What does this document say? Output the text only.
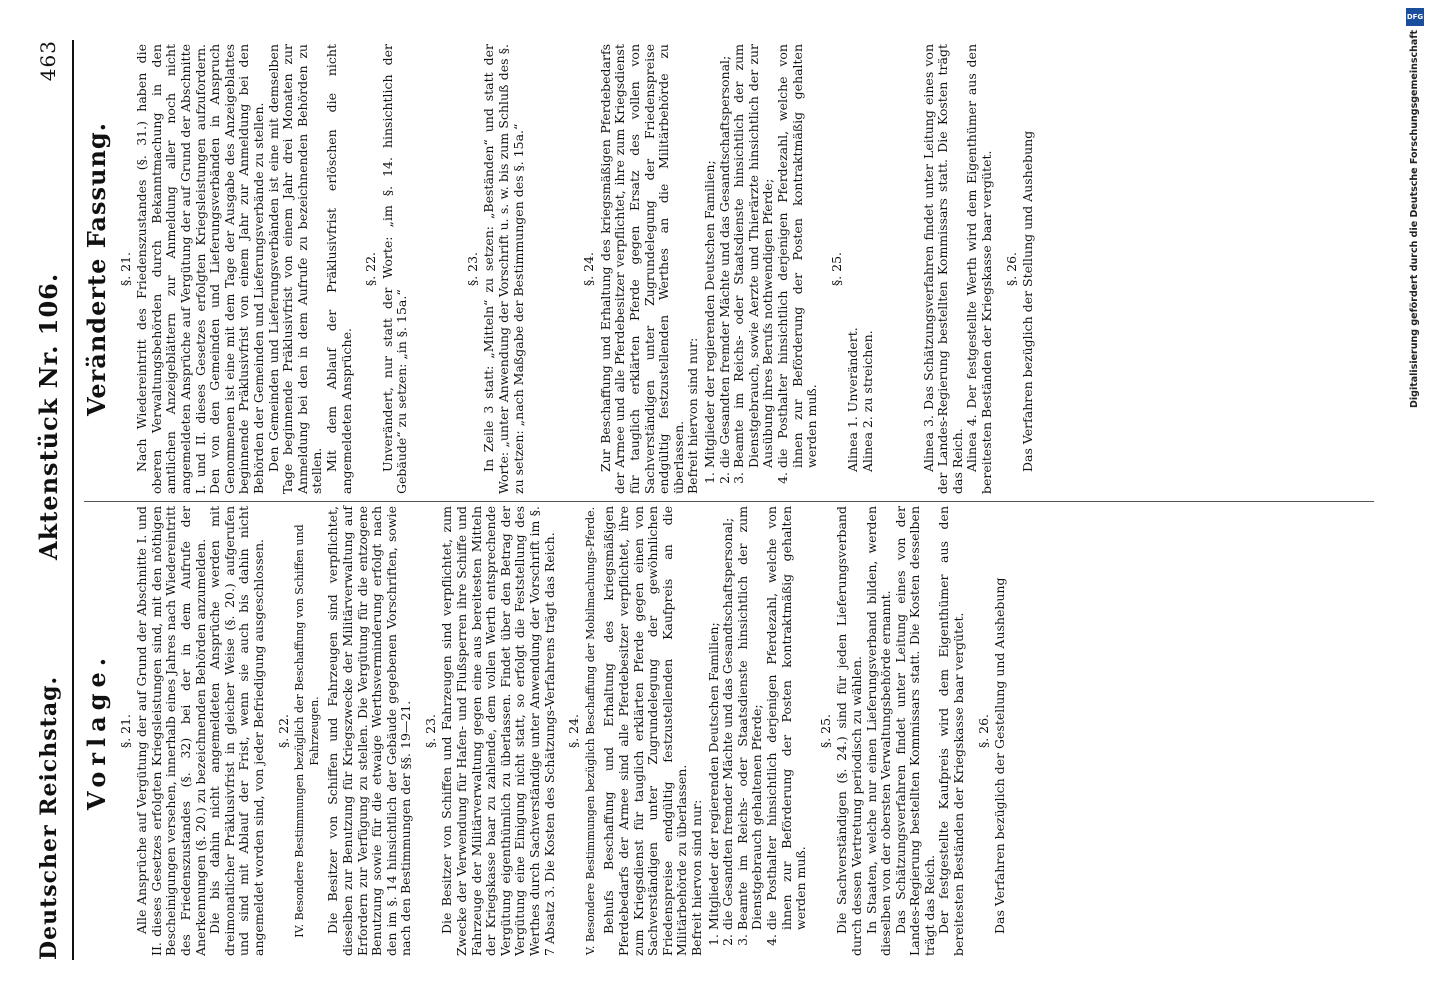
Deutscher Reichstag.
Aktenstück Nr. 106.
463
Vorlage. §. 21. Alle Ansprüche auf Vergütung der auf Grund der Abschnitte I. und II. dieses Gesetzes erfolgten Kriegsleistungen sind, mit den nöthigen Bescheinigungen versehen, innerhalb eines Jahres nach Wiedereintritt des Friedenszustandes (§. 32) bei der in dem Aufrufe der Anerkennungen (§. 20.) zu bezeichnenden Behörden anzumelden. Die bis dahin nicht angemeldeten Ansprüche werden mit dreimonatlicher Präklusivfrist in gleicher Weise (§. 20.) aufgerufen und sind mit Ablauf der Frist, wenn sie auch bis dahin nicht angemeldet worden sind, von jeder Befriedigung ausgeschlossen. §. 22. IV. Besondere Bestimmungen bezüglich der Beschaffung von Schiffen und Fahrzeugen. Die Besitzer von Schiffen und Fahrzeugen sind verpflichtet, dieselben zur Benutzung für Kriegszwecke der Militärverwaltung auf Erfordern zur Verfügung zu stellen. Die Vergütung für die entzogene Benutzung sowie für die etwaige Werthsverminderung erfolgt nach den im §. 14 hinsichtlich der Gebäude gegebenen Vorschriften, sowie nach den Bestimmungen der §§. 19—21. §. 23. Die Besitzer von Schiffen und Fahrzeugen sind verpflichtet, zum Zwecke der Verwendung für Hafen- und Flußsperren ihre Schiffe und Fahrzeuge der Militärverwaltung gegen eine aus bereitesten Mitteln der Kriegskasse baar zu zahlende, dem vollen Werth entsprechende Vergütung eigenthümlich zu überlassen. Findet über den Betrag der Vergütung eine Einigung nicht statt, so erfolgt die Feststellung des Werthes durch Sachverständige unter Anwendung der Vorschrift im §. 7 Absatz 3. Die Kosten des Schätzungs-Verfahrens trägt das Reich. §. 24. V. Besondere Bestimmungen bezüglich Beschaffung der Mobilmachungs-Pferde. Behufs Beschaffung und Erhaltung des kriegsmäßigen Pferdebedarfs der Armee sind alle Pferdebesitzer verpflichtet, ihre zum Kriegsdienst für tauglich erklärten Pferde gegen einen von Sachverständigen unter Zugrundelegung der gewöhnlichen Friedenspreise endgültig festzustellenden Kaufpreis an die Militärbehörde zu überlassen. Befreit hiervon sind nur: 1. Mitglieder der regierenden Deutschen Familien; 2. die Gesandten fremder Mächte und das Gesandtschaftspersonal; 3. Beamte im Reichs- oder Staatsdienste hinsichtlich der zum Dienstgebrauch gehaltenen Pferde; 4. die Posthalter hinsichtlich derjenigen Pferdezahl, welche von ihnen zur Beförderung der Posten kontraktmäßig gehalten werden muß.
§. 25. Die Sachverständigen (§. 24.) sind für jeden Lieferungsverband durch dessen Vertretung periodisch zu wählen. In Staaten, welche nur einen Lieferungsverband bilden, werden dieselben von der obersten Verwaltungsbehörde ernannt. Das Schätzungsverfahren findet unter Leitung eines von der Landes-Regierung bestellten Kommissars statt. Die Kosten desselben trägt das Reich. Der festgestellte Kaufpreis wird dem Eigenthümer aus den bereitesten Beständen der Kriegskasse baar vergütet. §. 26. Das Verfahren bezüglich der Gestellung und Aushebung

Veränderte Fassung. §. 21. Nach Wiedereintritt des Friedenszustandes (§. 31.) haben die oberen Verwaltungsbehörden durch Bekanntmachung in den amtlichen Anzeigeblättern zur Anmeldung aller noch nicht angemeldeten Ansprüche auf Vergütung der auf Grund der Abschnitte I. und II. dieses Gesetzes erfolgten Kriegsleistungen aufzufordern. Den von den Gemeinden und Lieferungsverbänden in Anspruch Genommenen ist eine mit dem Tage der Ausgabe des Anzeigeblattes beginnende Präklusivfrist von einem Jahr zur Anmeldung bei den Behörden der Gemeinden und Lieferungsverbände zu stellen. Den Gemeinden und Lieferungsverbänden ist eine mit demselben Tage beginnende Präklusivfrist von einem Jahr drei Monaten zur Anmeldung bei den in dem Aufrufe zu bezeichnenden Behörden zu stellen. Mit dem Ablauf der Präklusivfrist erlöschen die nicht angemeldeten Ansprüche.

§. 22. Unverändert, nur statt der Worte: „im §. 14. hinsichtlich der Gebäude“ zu setzen: „in §. 15a.“

§. 23. In Zeile 3 statt: „Mitteln“ zu setzen: „Beständen“ und statt der Worte: „unter Anwendung der Vorschrift u. s. w. bis zum Schluß des §. zu setzen: „nach Maßgabe der Bestimmungen des §. 15a.“	§. 24. Zur Beschaffung und Erhaltung des kriegsmäßigen Pferdebedarfs der Armee und alle Pferdebesitzer verpflichtet, ihre zum Kriegsdienst für tauglich erklärten Pferde gegen Ersatz des vollen von Sachverständigen unter Zugrundelegung der Friedenspreise endgültig festzustellenden Werthes an die Militärbehörde zu überlassen. Befreit hiervon sind nur: 1. Mitglieder der regierenden Deutschen Familien; 2. die Gesandten fremder Mächte und das Gesandtschaftspersonal; 3. Beamte im Reichs- oder Staatsdienste hinsichtlich der zum Dienstgebrauch, sowie Aerzte und Thierärzte hinsichtlich der zur Ausübung ihres Berufs nothwendigen Pferde; 4. die Posthalter hinsichtlich derjenigen Pferdezahl, welche von ihnen zur Beförderung der Posten kontraktmäßig gehalten werden muß.
§. 25.

Alinea 1. Unverändert. Alinea 2. zu streichen.	Alinea 3. Das Schätzungsverfahren findet unter Leitung eines von der Landes-Regierung bestellten Kommissars statt. Die Kosten trägt das Reich. Alinea 4. Der festgestellte Werth wird dem Eigenthümer aus den bereitesten Beständen der Kriegskasse baar vergütet. §. 26. Das Verfahren bezüglich der Stellung und Aushebung

DFG
Digitalisierung gefördert durch die Deutsche Forschungsgemeinschaft
